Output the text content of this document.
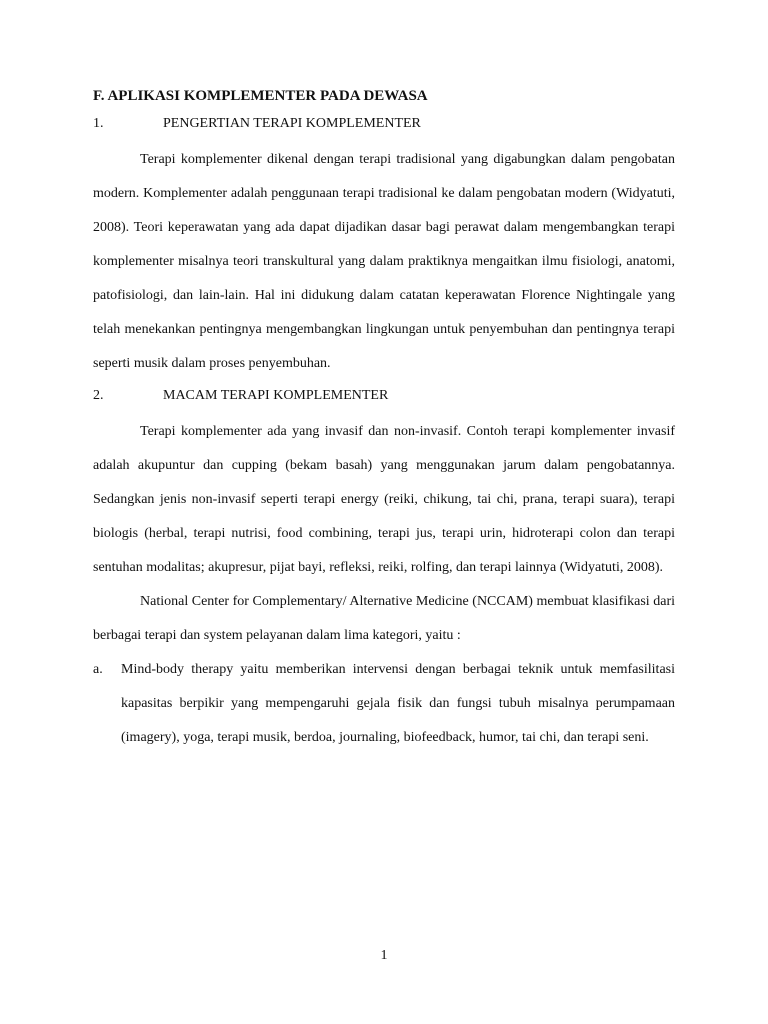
F. APLIKASI KOMPLEMENTER PADA DEWASA
1.	PENGERTIAN TERAPI KOMPLEMENTER

Terapi komplementer dikenal dengan terapi tradisional yang digabungkan dalam pengobatan modern. Komplementer adalah penggunaan terapi tradisional ke dalam pengobatan modern (Widyatuti, 2008). Teori keperawatan yang ada dapat dijadikan dasar bagi perawat dalam mengembangkan terapi komplementer misalnya teori transkultural yang dalam praktiknya mengaitkan ilmu fisiologi, anatomi, patofisiologi, dan lain-lain. Hal ini didukung dalam catatan keperawatan Florence Nightingale yang telah menekankan pentingnya mengembangkan lingkungan untuk penyembuhan dan pentingnya terapi seperti musik dalam proses penyembuhan.

2.	MACAM TERAPI KOMPLEMENTER

Terapi komplementer ada yang invasif dan non-invasif. Contoh terapi komplementer invasif adalah akupuntur dan cupping (bekam basah) yang menggunakan jarum dalam pengobatannya. Sedangkan jenis non-invasif seperti terapi energy (reiki, chikung, tai chi, prana, terapi suara), terapi biologis (herbal, terapi nutrisi, food combining, terapi jus, terapi urin, hidroterapi colon dan terapi sentuhan modalitas; akupresur, pijat bayi, refleksi, reiki, rolfing, dan terapi lainnya (Widyatuti, 2008).

National Center for Complementary/ Alternative Medicine (NCCAM) membuat klasifikasi dari berbagai terapi dan system pelayanan dalam lima kategori, yaitu :

a.	Mind-body therapy yaitu memberikan intervensi dengan berbagai teknik untuk memfasilitasi kapasitas berpikir yang mempengaruhi gejala fisik dan fungsi tubuh misalnya perumpamaan (imagery), yoga, terapi musik, berdoa, journaling, biofeedback, humor, tai chi, dan terapi seni.
1
